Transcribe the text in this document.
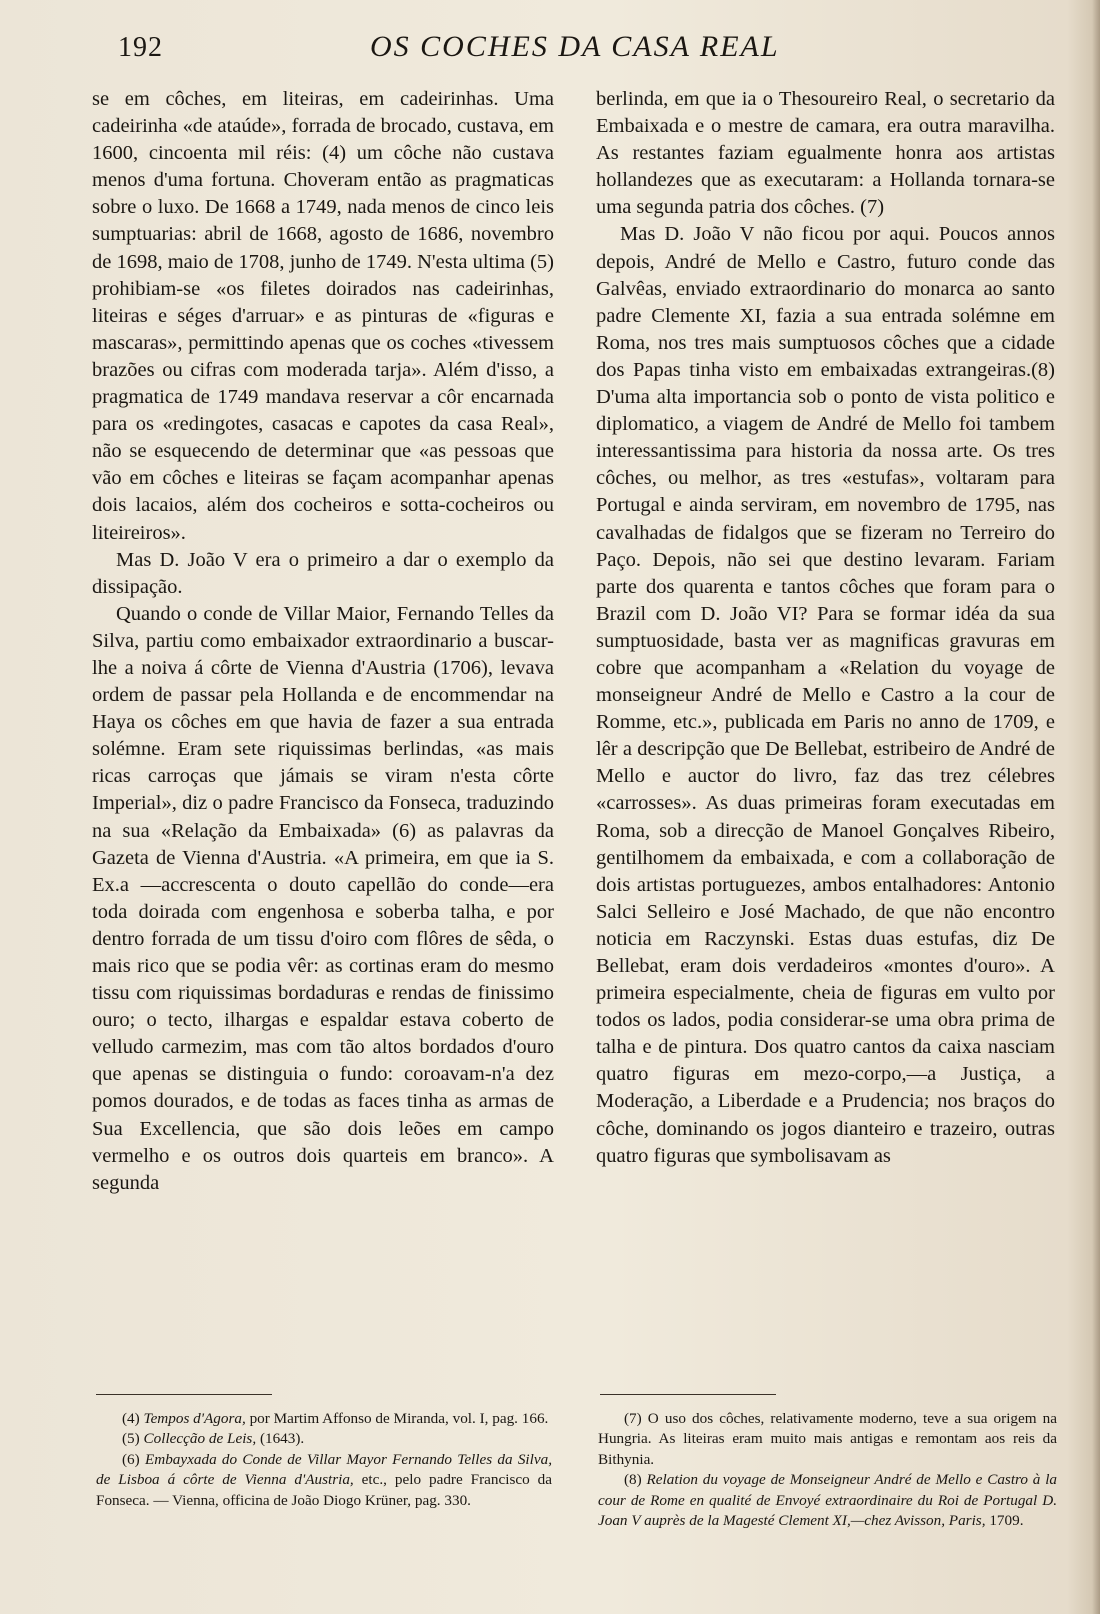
192	OS COCHES DA CASA REAL

se em côches, em liteiras, em cadeirinhas. Uma cadeirinha «de ataúde», forrada de brocado, custava, em 1600, cincoenta mil réis: (4) um côche não custava menos d'uma fortuna. Choveram então as pragmaticas sobre o luxo. De 1668 a 1749, nada menos de cinco leis sumptuarias: abril de 1668, agosto de 1686, novembro de 1698, maio de 1708, junho de 1749. N'esta ultima (5) prohibiam-se «os filetes doirados nas cadeirinhas, liteiras e séges d'arruar» e as pinturas de «figuras e mascaras», permittindo apenas que os coches «tivessem brazões ou cifras com moderada tarja». Além d'isso, a pragmatica de 1749 mandava reservar a côr encarnada para os «redingotes, casacas e capotes da casa Real», não se esquecendo de determinar que «as pessoas que vão em côches e liteiras se façam acompanhar apenas dois lacaios, além dos cocheiros e sotta-cocheiros ou liteireiros».

Mas D. João V era o primeiro a dar o exemplo da dissipação.

Quando o conde de Villar Maior, Fernando Telles da Silva, partiu como embaixador extraordinario a buscar-lhe a noiva á côrte de Vienna d'Austria (1706), levava ordem de passar pela Hollanda e de encommendar na Haya os côches em que havia de fazer a sua entrada solémne. Eram sete riquissimas berlindas, «as mais ricas carroças que jámais se viram n'esta côrte Imperial», diz o padre Francisco da Fonseca, traduzindo na sua «Relação da Embaixada» (6) as palavras da Gazeta de Vienna d'Austria. «A primeira, em que ia S. Ex.a —accrescenta o douto capellão do conde—era toda doirada com engenhosa e soberba talha, e por dentro forrada de um tissu d'oiro com flôres de sêda, o mais rico que se podia vêr: as cortinas eram do mesmo tissu com riquissimas bordaduras e rendas de finissimo ouro; o tecto, ilhargas e espaldar estava coberto de velludo carmezim, mas com tão altos bordados d'ouro que apenas se distinguia o fundo: coroavam-n'a dez pomos dourados, e de todas as faces tinha as armas de Sua Excellencia, que são dois leões em campo vermelho e os outros dois quarteis em branco». A segunda

berlinda, em que ia o Thesoureiro Real, o secretario da Embaixada e o mestre de camara, era outra maravilha. As restantes faziam egualmente honra aos artistas hollandezes que as executaram: a Hollanda tornara-se uma segunda patria dos côches. (7)

Mas D. João V não ficou por aqui. Poucos annos depois, André de Mello e Castro, futuro conde das Galvêas, enviado extraordinario do monarca ao santo padre Clemente XI, fazia a sua entrada solémne em Roma, nos tres mais sumptuosos côches que a cidade dos Papas tinha visto em embaixadas extrangeiras.(8) D'uma alta importancia sob o ponto de vista politico e diplomatico, a viagem de André de Mello foi tambem interessantissima para historia da nossa arte. Os tres côches, ou melhor, as tres «estufas», voltaram para Portugal e ainda serviram, em novembro de 1795, nas cavalhadas de fidalgos que se fizeram no Terreiro do Paço. Depois, não sei que destino levaram. Fariam parte dos quarenta e tantos côches que foram para o Brazil com D. João VI? Para se formar idéa da sua sumptuosidade, basta ver as magnificas gravuras em cobre que acompanham a «Relation du voyage de monseigneur André de Mello e Castro a la cour de Romme, etc.», publicada em Paris no anno de 1709, e lêr a descripção que De Bellebat, estribeiro de André de Mello e auctor do livro, faz das trez célebres «carrosses». As duas primeiras foram executadas em Roma, sob a direcção de Manoel Gonçalves Ribeiro, gentilhomem da embaixada, e com a collaboração de dois artistas portuguezes, ambos entalhadores: Antonio Salci Selleiro e José Machado, de que não encontro noticia em Raczynski. Estas duas estufas, diz De Bellebat, eram dois verdadeiros «montes d'ouro». A primeira especialmente, cheia de figuras em vulto por todos os lados, podia considerar-se uma obra prima de talha e de pintura. Dos quatro cantos da caixa nasciam quatro figuras em mezo-corpo,—a Justiça, a Moderação, a Liberdade e a Prudencia; nos braços do côche, dominando os jogos dianteiro e trazeiro, outras quatro figuras que symbolisavam as

(4) Tempos d'Agora, por Martim Affonso de Miranda, vol. I, pag. 166.

(5) Collecção de Leis, (1643).

(6) Embayxada do Conde de Villar Mayor Fernando Telles da Silva, de Lisboa á côrte de Vienna d'Austria, etc., pelo padre Francisco da Fonseca. — Vienna, officina de João Diogo Krüner, pag. 330.

(7) O uso dos côches, relativamente moderno, teve a sua origem na Hungria. As liteiras eram muito mais antigas e remontam aos reis da Bithynia.

(8) Relation du voyage de Monseigneur André de Mello e Castro à la cour de Rome en qualité de Envoyé extraordinaire du Roi de Portugal D. Joan V auprès de la Magesté Clement XI,—chez Avisson, Paris, 1709.
